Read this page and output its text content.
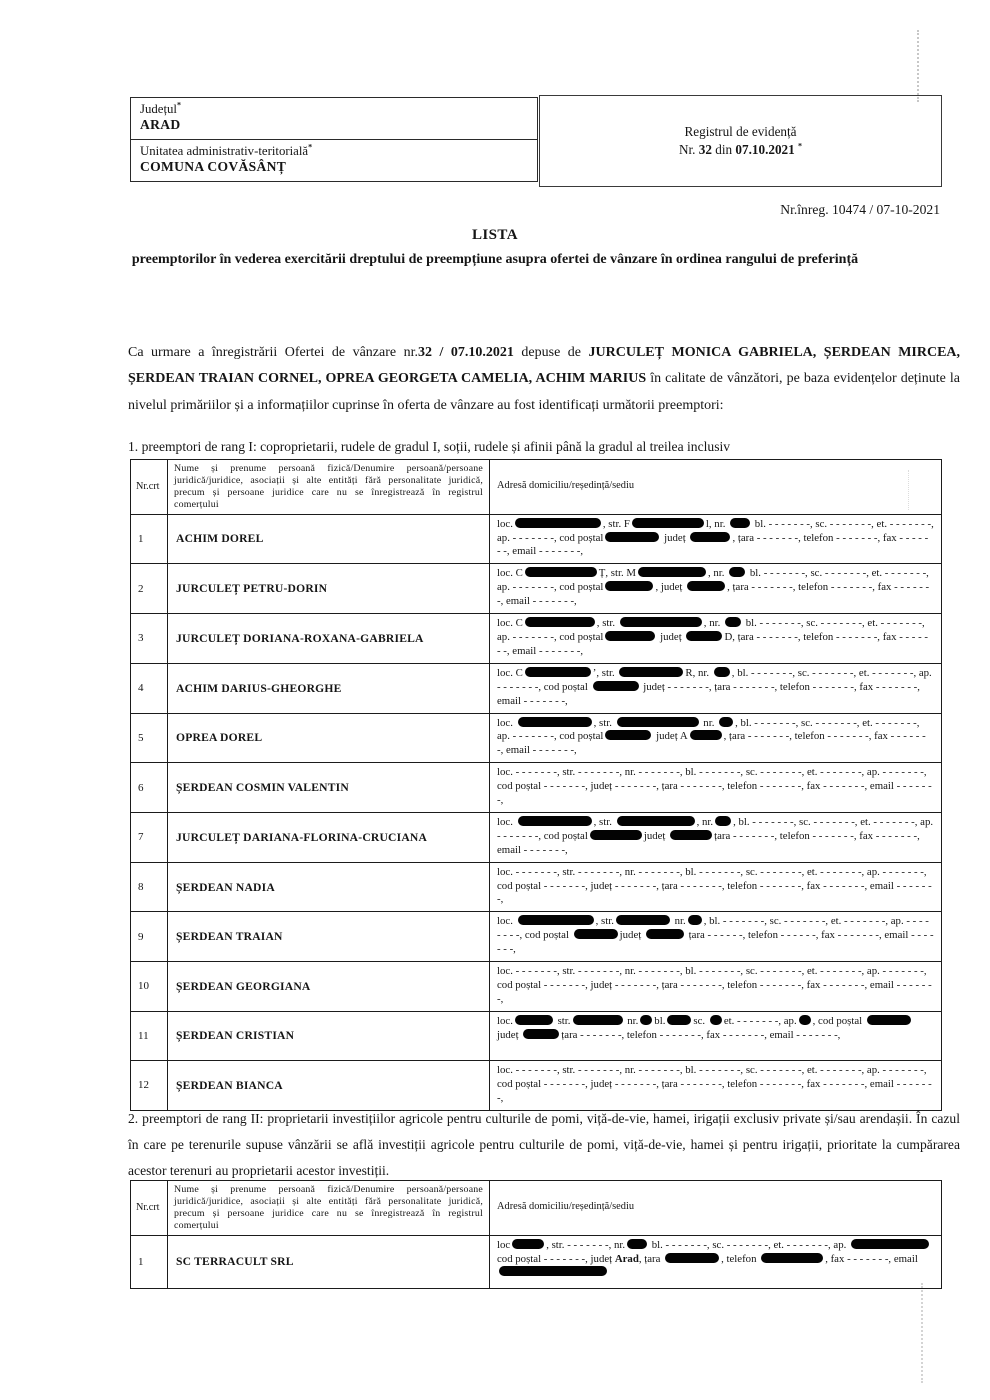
Județul*
ARAD
Unitatea administrativ-teritorială*
COMUNA COVĂSÂNȚ
Registrul de evidență
Nr. 32 din 07.10.2021 *
Nr.înreg. 10474 / 07-10-2021
LISTA
preemptorilor în vederea exercitării dreptului de preempțiune asupra ofertei de vânzare în ordinea rangului de preferință

Ca urmare a înregistrării Ofertei de vânzare nr.32 / 07.10.2021 depuse de JURCULEȚ MONICA GABRIELA, ȘERDEAN MIRCEA, ȘERDEAN TRAIAN CORNEL, OPREA GEORGETA CAMELIA, ACHIM MARIUS în calitate de vânzători, pe baza evidențelor deținute la nivelul primăriilor și a informațiilor cuprinse în oferta de vânzare au fost identificați următorii preemptori:

1. preemptori de rang I: coproprietarii, rudele de gradul I, soții, rudele și afinii până la gradul al treilea inclusiv
Nr.crt
Nume și prenume persoană fizică/Denumire persoană/persoane juridică/juridice, asociații și alte entități fără personalitate juridică, precum și persoane juridice care nu se înregistrează în registrul comerțului
Adresă domiciliu/reședință/sediu
1	ACHIM DOREL
loc.	, str. F	l, nr.  bl. - - - - - - -, sc. - - - - - - -, et. - - - - - - -, ap. - - - - - - -, cod poștal	județ	, țara - - - - - - -, telefon - - - - - - -, fax - - - - - - -, email - - - - - - -,
2	JURCULEȚ PETRU-DORIN
loc. C	Ț, str. M	, nr.  bl. - - - - - - -, sc. - - - - - - -, et. - - - - - - -, ap. - - - - - - -, cod poștal	, județ	, țara - - - - - - -, telefon - - - - - - -, fax - - - - - - -, email - - - - - - -,
3	JURCULEȚ DORIANA-ROXANA-GABRIELA
loc. C	, str.	, nr.  bl. - - - - - - -, sc. - - - - - - -, et. - - - - - - -, ap. - - - - - - -, cod poștal	județ	D, țara - - - - - - -, telefon - - - - - - -, fax - - - - - - -, email - - - - - - -,
4	ACHIM DARIUS-GHEORGHE
loc. C	’, str.	R, nr. , bl. - - - - - - -, sc. - - - - - - -, et. - - - - - - -, ap. - - - - - - -, cod poștal	județ - - - - - - -, țara - - - - - - -, telefon - - - - - - -, fax - - - - - - -, email - - - - - - -,
5	OPREA DOREL
loc.	, str.	nr. , bl. - - - - - - -, sc. - - - - - - -, et. - - - - - - -, ap. - - - - - - -, cod poștal	județ A	, țara - - - - - - -, telefon - - - - - - -, fax - - - - - - -, email - - - - - - -,
6	ȘERDEAN COSMIN VALENTIN
loc. - - - - - - -, str. - - - - - - -, nr. - - - - - - -, bl. - - - - - - -, sc. - - - - - - -, et. - - - - - - -, ap. - - - - - - -, cod poștal - - - - - - -, județ - - - - - - -, țara - - - - - - -, telefon - - - - - - -, fax - - - - - - -, email - - - - - - -,
7	JURCULEȚ DARIANA-FLORINA-CRUCIANA
loc.	, str.	, nr. , bl. - - - - - - -, sc. - - - - - - -, et. - - - - - - -, ap. - - - - - - -, cod poștal	județ	țara - - - - - - -, telefon - - - - - - -, fax - - - - - - -, email - - - - - - -,
8	ȘERDEAN NADIA
loc. - - - - - - -, str. - - - - - - -, nr. - - - - - - -, bl. - - - - - - -, sc. - - - - - - -, et. - - - - - - -, ap. - - - - - - -, cod poștal - - - - - - -, județ - - - - - - -, țara - - - - - - -, telefon - - - - - - -, fax - - - - - - -, email - - - - - - -,
9	ȘERDEAN TRAIAN
loc.	, str.	nr. , bl. - - - - - - -, sc. - - - - - - -, et. - - - - - - -, ap. - - - - - - - -, cod poștal	județ	țara - - - - - -, telefon - - - - - -, fax - - - - - - -, email - - - - - - -,
10	ȘERDEAN GEORGIANA
loc. - - - - - - -, str. - - - - - - -, nr. - - - - - - -, bl. - - - - - - -, sc. - - - - - - -, et. - - - - - - -, ap. - - - - - - -, cod poștal - - - - - - -, județ - - - - - - -, țara - - - - - - -, telefon - - - - - - -, fax - - - - - - -, email - - - - - - -,
11	ȘERDEAN CRISTIAN
loc.	str.	nr. bl.	sc. et. - - - - - - -, ap. , cod poștal  județ	țara - - - - - - -, telefon - - - - - - -, fax - - - - - - -, email - - - - - - -,
12	ȘERDEAN BIANCA
loc. - - - - - - -, str. - - - - - - -, nr. - - - - - - -, bl. - - - - - - -, sc. - - - - - - -, et. - - - - - - -, ap. - - - - - - -, cod poștal - - - - - - -, județ - - - - - - -, țara - - - - - - -, telefon - - - - - - -, fax - - - - - - -, email - - - - - - -,
2. preemptori de rang II: proprietarii investițiilor agricole pentru culturile de pomi, viță-de-vie, hamei, irigații exclusiv private și/sau arendașii. În cazul în care pe terenurile supuse vânzării se află investiții agricole pentru culturile de pomi, viță-de-vie, hamei și pentru irigații, prioritate la cumpărarea acestor terenuri au proprietarii acestor investiții.
Nr.crt
Nume și prenume persoană fizică/Denumire persoană/persoane juridică/juridice, asociații și alte entități fără personalitate juridică, precum și persoane juridice care nu se înregistrează în registrul comerțului
Adresă domiciliu/reședință/sediu
1	SC TERRACULT SRL
loc	, str. - - - - - - -, nr. bl. - - - - - - -, sc. - - - - - - -, et. - - - - - - -, ap.  cod poștal - - - - - - -, județ Arad, țara	, telefon	, fax - - - - - - -, email
